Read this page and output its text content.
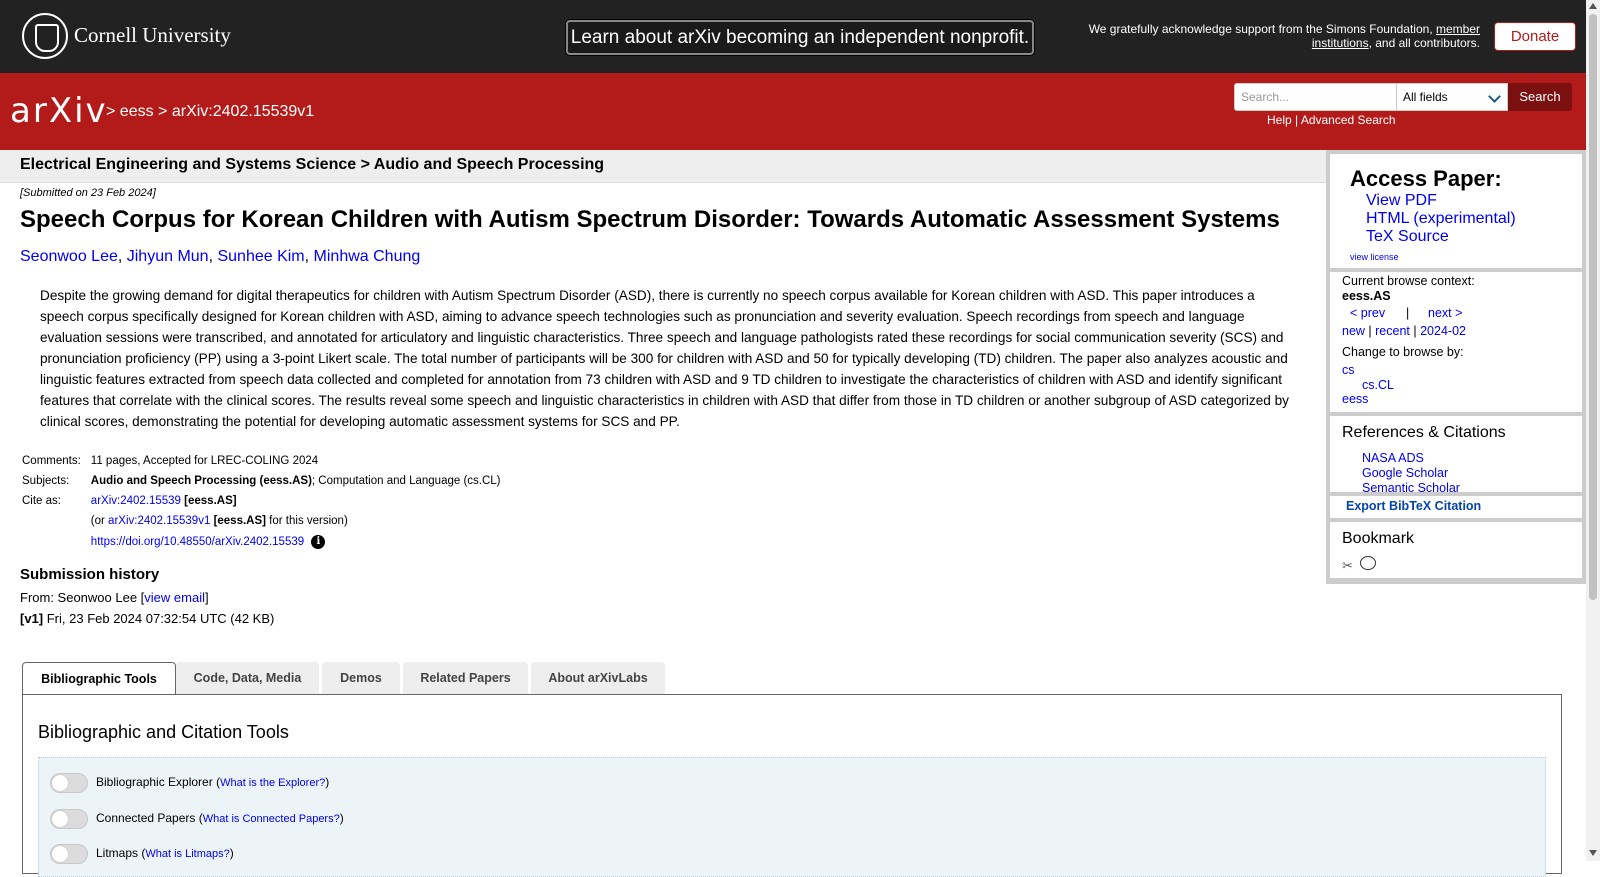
Cornell University	Learn about arXiv becoming an independent nonprofit.	We gratefully acknowledge support from the Simons Foundation, member institutions, and all contributors.	Donate
arXiv
> eess > arXiv:2402.15539v1
Search...	All fields	Search
Help | Advanced Search
Electrical Engineering and Systems Science > Audio and Speech Processing
[Submitted on 23 Feb 2024]
Speech Corpus for Korean Children with Autism Spectrum Disorder: Towards Automatic Assessment Systems
Seonwoo Lee, Jihyun Mun, Sunhee Kim, Minhwa Chung
Despite the growing demand for digital therapeutics for children with Autism Spectrum Disorder (ASD), there is currently no speech corpus available for Korean children with ASD. This paper introduces a speech corpus specifically designed for Korean children with ASD, aiming to advance speech technologies such as pronunciation and severity evaluation. Speech recordings from speech and language evaluation sessions were transcribed, and annotated for articulatory and linguistic characteristics. Three speech and language pathologists rated these recordings for social communication severity (SCS) and pronunciation proficiency (PP) using a 3-point Likert scale. The total number of participants will be 300 for children with ASD and 50 for typically developing (TD) children. The paper also analyzes acoustic and linguistic features extracted from speech data collected and completed for annotation from 73 children with ASD and 9 TD children to investigate the characteristics of children with ASD and identify significant features that correlate with the clinical scores. The results reveal some speech and linguistic characteristics in children with ASD that differ from those in TD children or another subgroup of ASD categorized by clinical scores, demonstrating the potential for developing automatic assessment systems for SCS and PP.
Comments:	11 pages, Accepted for LREC-COLING 2024
Subjects:	Audio and Speech Processing (eess.AS); Computation and Language (cs.CL)
Cite as:	arXiv:2402.15539 [eess.AS]
	(or arXiv:2402.15539v1 [eess.AS] for this version)
	https://doi.org/10.48550/arXiv.2402.15539 i
Submission history
From: Seonwoo Lee [view email]
[v1] Fri, 23 Feb 2024 07:32:54 UTC (42 KB)
Bibliographic Tools	Code, Data, Media	Demos	Related Papers	About arXivLabs
Bibliographic and Citation Tools
Bibliographic Explorer (What is the Explorer?)
Connected Papers (What is Connected Papers?)
Litmaps (What is Litmaps?)
Access Paper:
View PDF
HTML (experimental)
TeX Source
view license
Current browse context:
eess.AS
< prev | next >
new | recent | 2024-02
Change to browse by:
cs
cs.CL
eess
References & Citations
NASA ADS
Google Scholar
Semantic Scholar
Export BibTeX Citation
Bookmark
✂
